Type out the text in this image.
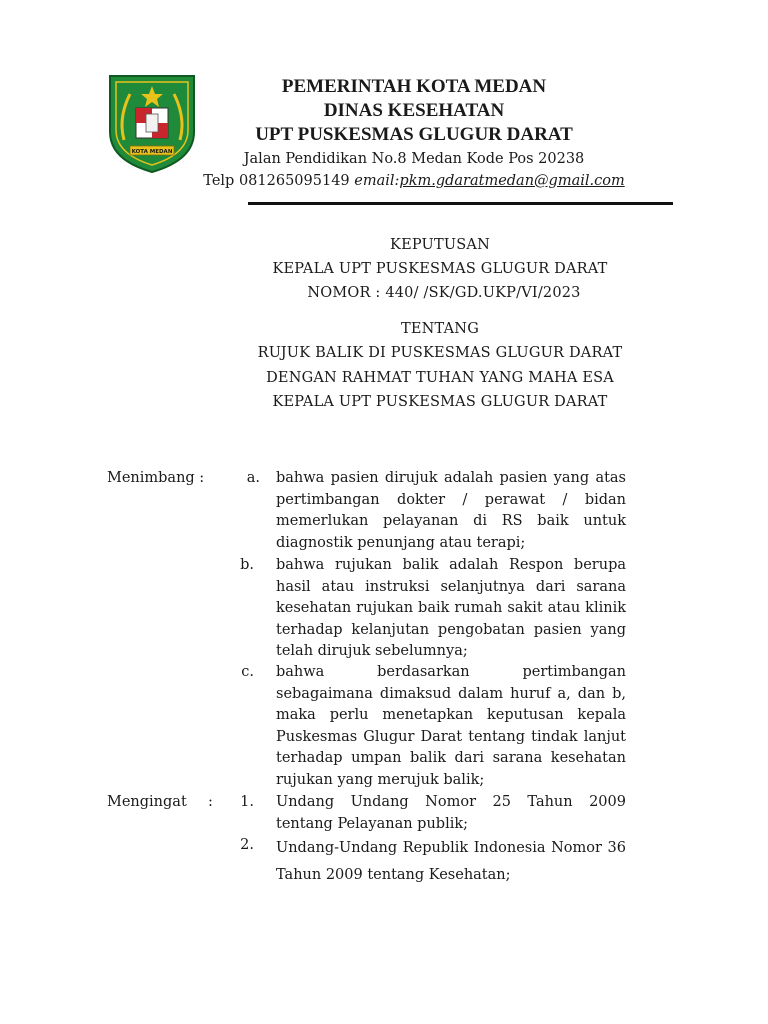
KOTA MEDAN
PEMERINTAH KOTA MEDAN
DINAS KESEHATAN
UPT PUSKESMAS GLUGUR DARAT
Jalan Pendidikan No.8 Medan Kode Pos 20238
Telp 081265095149 email:pkm.gdaratmedan@gmail.com
KEPUTUSAN
KEPALA UPT PUSKESMAS GLUGUR DARAT
NOMOR : 440/ /SK/GD.UKP/VI/2023
TENTANG
RUJUK BALIK DI PUSKESMAS GLUGUR DARAT
DENGAN RAHMAT TUHAN YANG MAHA ESA
KEPALA UPT PUSKESMAS GLUGUR DARAT
Menimbang :	a. bahwa pasien dirujuk adalah pasien yang atas pertimbangan dokter / perawat / bidan memerlukan pelayanan di RS baik untuk diagnostik penunjang atau terapi;
b. bahwa rujukan balik adalah Respon berupa hasil atau instruksi selanjutnya dari sarana kesehatan rujukan baik rumah sakit atau klinik terhadap kelanjutan pengobatan pasien yang telah dirujuk sebelumnya;
c. bahwa berdasarkan pertimbangan sebagaimana dimaksud dalam huruf a, dan b, maka perlu menetapkan keputusan kepala Puskesmas Glugur Darat tentang tindak lanjut terhadap umpan balik dari sarana kesehatan rujukan yang merujuk balik;
Mengingat :	1. Undang Undang Nomor 25 Tahun 2009 tentang Pelayanan publik;
2. Undang-Undang Republik Indonesia Nomor 36 Tahun 2009 tentang Kesehatan;
